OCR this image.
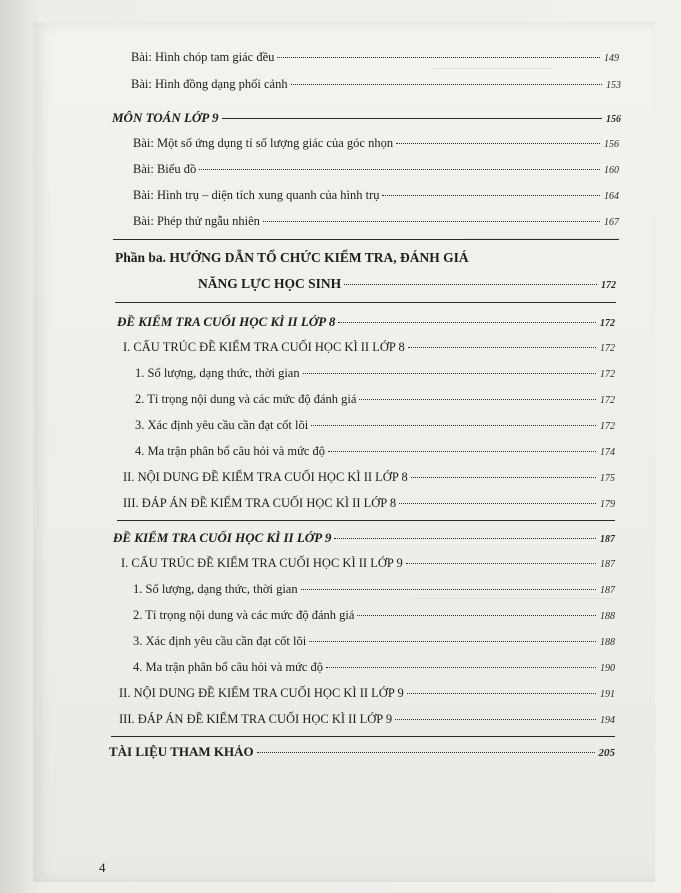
Bài: Hình chóp tam giác đều	149
Bài: Hình đồng dạng phối cảnh	153
MÔN TOÁN LỚP 9	156
Bài: Một số ứng dụng tỉ số lượng giác của góc nhọn	156
Bài: Biểu đồ	160
Bài: Hình trụ – diện tích xung quanh của hình trụ	164
Bài: Phép thử ngẫu nhiên	167
Phần ba. HƯỚNG DẪN TỔ CHỨC KIỂM TRA, ĐÁNH GIÁ
NĂNG LỰC HỌC SINH	172
ĐỀ KIỂM TRA CUỐI HỌC KÌ II LỚP 8	172
I. CẤU TRÚC ĐỀ KIỂM TRA CUỐI HỌC KÌ II LỚP 8	172
1. Số lượng, dạng thức, thời gian	172
2. Tỉ trọng nội dung và các mức độ đánh giá	172
3. Xác định yêu cầu cần đạt cốt lõi	172
4. Ma trận phân bổ câu hỏi và mức độ	174
II. NỘI DUNG ĐỀ KIỂM TRA CUỐI HỌC KÌ II LỚP 8	175
III. ĐÁP ÁN ĐỀ KIỂM TRA CUỐI HỌC KÌ II LỚP 8	179
ĐỀ KIỂM TRA CUỐI HỌC KÌ II LỚP 9	187
I. CẤU TRÚC ĐỀ KIỂM TRA CUỐI HỌC KÌ II LỚP 9	187
1. Số lượng, dạng thức, thời gian	187
2. Tỉ trọng nội dung và các mức độ đánh giá	188
3. Xác định yêu cầu cần đạt cốt lõi	188
4. Ma trận phân bổ câu hỏi và mức độ	190
II. NỘI DUNG ĐỀ KIỂM TRA CUỐI HỌC KÌ II LỚP 9	191
III. ĐÁP ÁN ĐỀ KIỂM TRA CUỐI HỌC KÌ II LỚP 9	194
TÀI LIỆU THAM KHẢO	205
4
